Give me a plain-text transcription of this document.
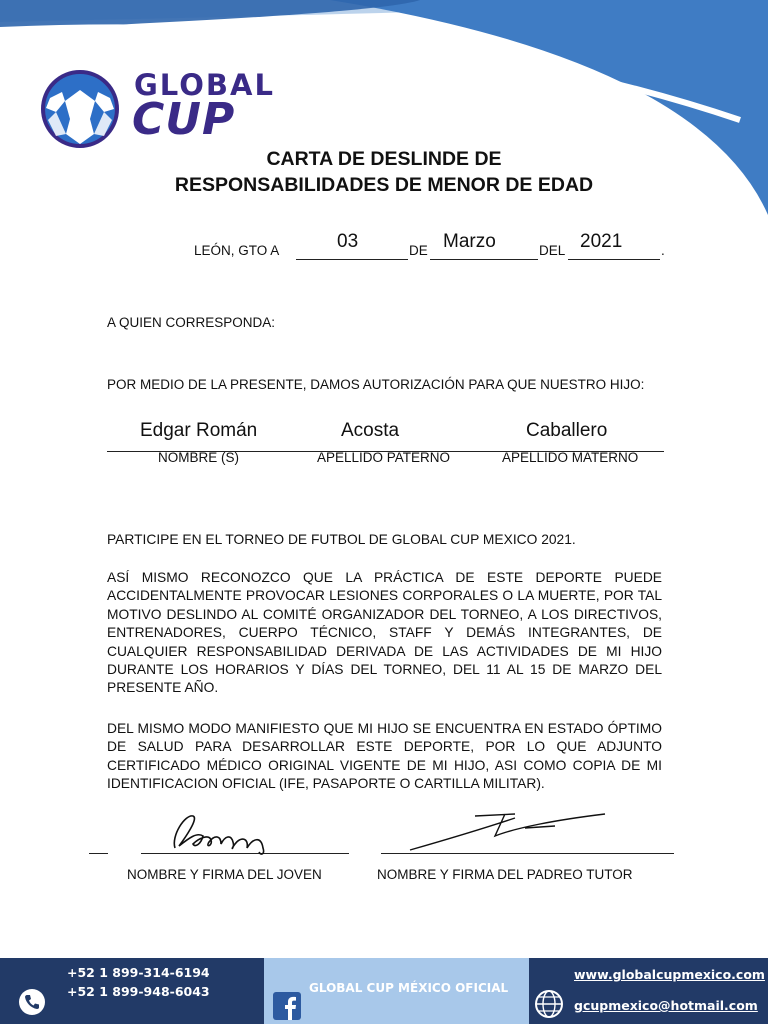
GLOBAL
CUP
CARTA DE DESLINDE DE
RESPONSABILIDADES DE MENOR DE EDAD
LEÓN, GTO A	03	DE Marzo	DEL 2021	.
A QUIEN CORRESPONDA:
POR MEDIO DE LA PRESENTE, DAMOS AUTORIZACIÓN PARA QUE NUESTRO HIJO:
Edgar Román	Acosta	Caballero
NOMBRE (S)	APELLIDO PATERNO	APELLIDO MATERNO
PARTICIPE EN EL TORNEO DE FUTBOL DE GLOBAL CUP MEXICO 2021.
ASÍ MISMO RECONOZCO QUE LA PRÁCTICA DE ESTE DEPORTE PUEDE ACCIDENTALMENTE PROVOCAR LESIONES CORPORALES O LA MUERTE, POR TAL MOTIVO DESLINDO AL COMITÉ ORGANIZADOR DEL TORNEO, A LOS DIRECTIVOS, ENTRENADORES, CUERPO TÉCNICO, STAFF Y DEMÁS INTEGRANTES, DE CUALQUIER RESPONSABILIDAD DERIVADA DE LAS ACTIVIDADES DE MI HIJO DURANTE LOS HORARIOS Y DÍAS DEL TORNEO, DEL 11 AL 15 DE MARZO DEL PRESENTE AÑO.
DEL MISMO MODO MANIFIESTO QUE MI HIJO SE ENCUENTRA EN ESTADO ÓPTIMO DE SALUD PARA DESARROLLAR ESTE DEPORTE, POR LO QUE ADJUNTO CERTIFICADO MÉDICO ORIGINAL VIGENTE DE MI HIJO, ASI COMO COPIA DE MI IDENTIFICACION OFICIAL (IFE, PASAPORTE O CARTILLA MILITAR).
NOMBRE Y FIRMA DEL JOVEN	NOMBRE Y FIRMA DEL PADREO TUTOR
+52 1 899-314-6194
+52 1 899-948-6043	GLOBAL CUP MÉXICO OFICIAL
www.globalcupmexico.com
gcupmexico@hotmail.com
